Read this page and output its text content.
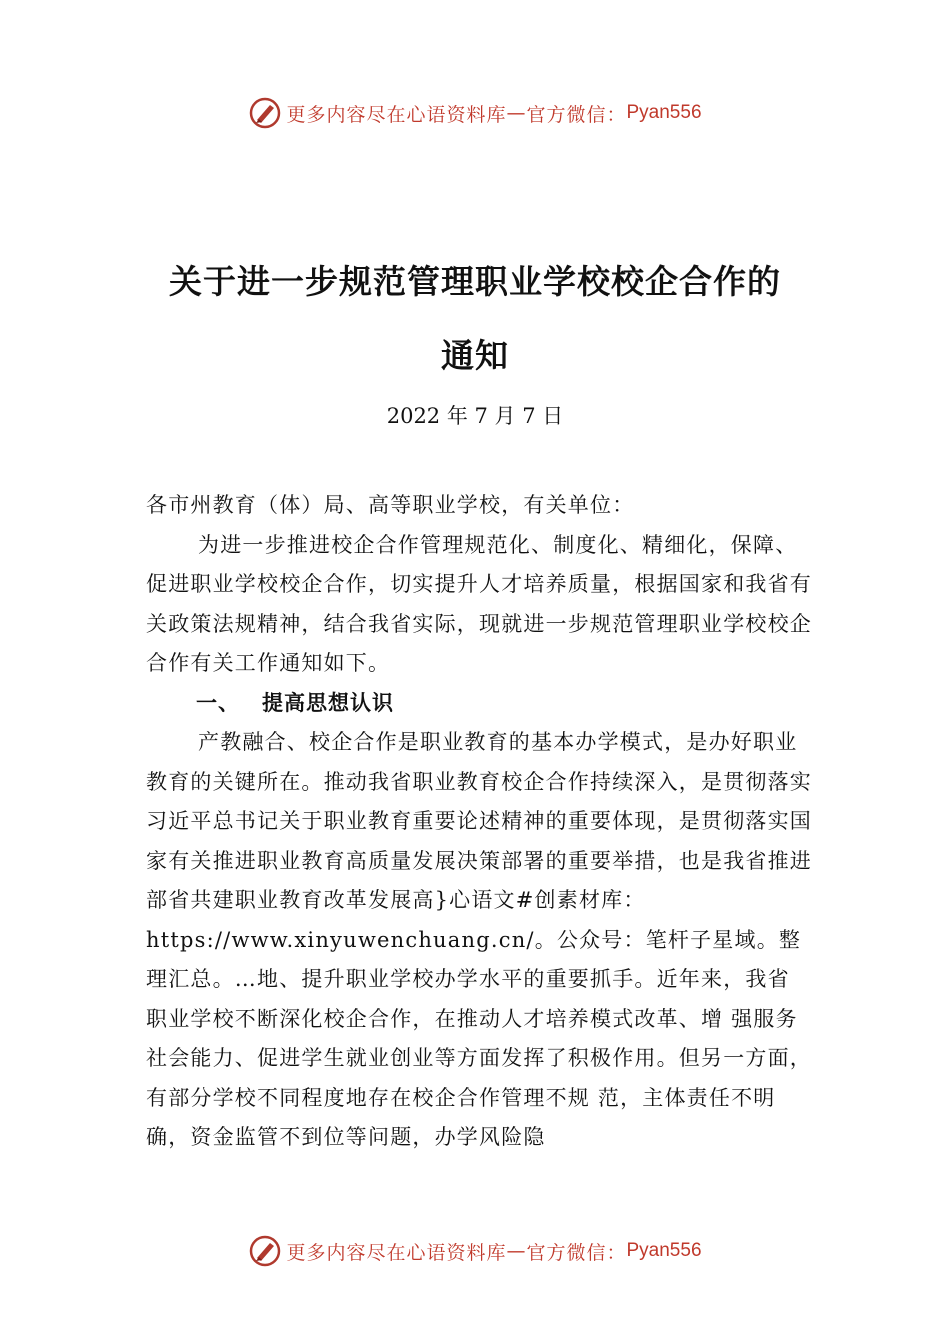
更多内容尽在心语资料库 — 官方微信： Pyan556
关于进一步规范管理职业学校校企合作的
通知
2022 年 7 月 7 日

各市州教育（体）局、高等职业学校，有关单位：

为进一步推进校企合作管理规范化、制度化、精细化，保障、促进职业学校校企合作，切实提升人才培养质量，根据国家和我省有关政策法规精神，结合我省实际，现就进一步规范管理职业学校校企合作有关工作通知如下。

一、 提高思想认识

产教融合、校企合作是职业教育的基本办学模式，是办好职业教育的关键所在。推动我省职业教育校企合作持续深入，是贯彻落实习近平总书记关于职业教育重要论述精神的重要体现，是贯彻落实国家有关推进职业教育高质量发展决策部署的重要举措，也是我省推进部省共建职业教育改革发展高}心语文#创素材库：https://www.xinyuwenchuang.cn/。公众号：笔杆子星域。整理汇总。…地、提升职业学校办学水平的重要抓手。近年来，我省 职业学校不断深化校企合作，在推动人才培养模式改革、增 强服务社会能力、促进学生就业创业等方面发挥了积极作用。但另一方面，有部分学校不同程度地存在校企合作管理不规 范，主体责任不明确，资金监管不到位等问题，办学风险隐

更多内容尽在心语资料库 — 官方微信： Pyan556
